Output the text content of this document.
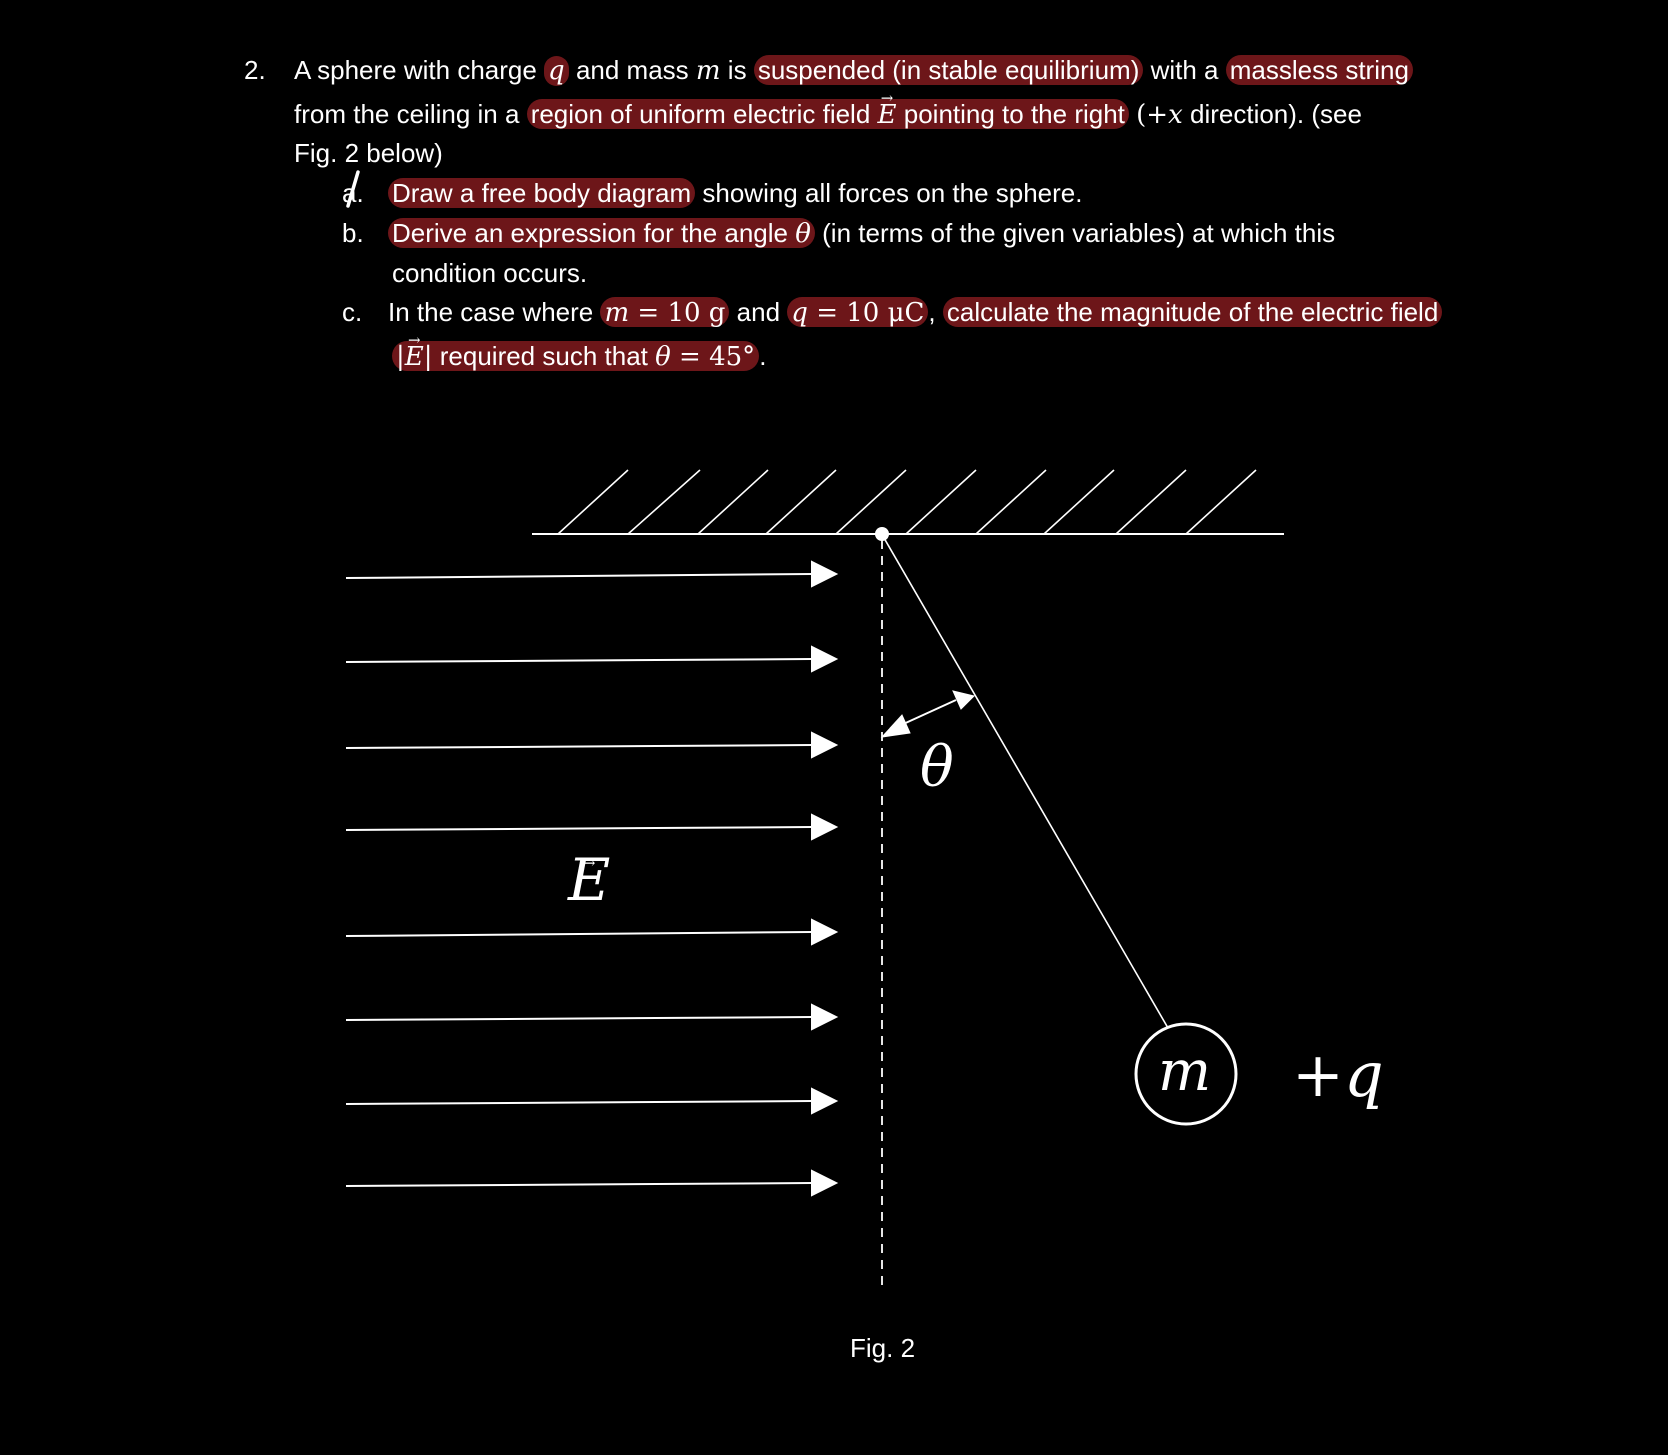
2. A sphere with charge q and mass m is suspended (in stable equilibrium) with a massless string
from the ceiling in a region of uniform electric field → E pointing to the right (+x direction). (see
Fig. 2 below)
a. Draw a free body diagram showing all forces on the sphere.
b. Derive an expression for the angle θ (in terms of the given variables) at which this
condition occurs.
c. In the case where m = 10 g and q = 10 μC , calculate the magnitude of the electric field
|→ E| required such that θ = 45° .
→ E
θ
m +q
Fig. 2
